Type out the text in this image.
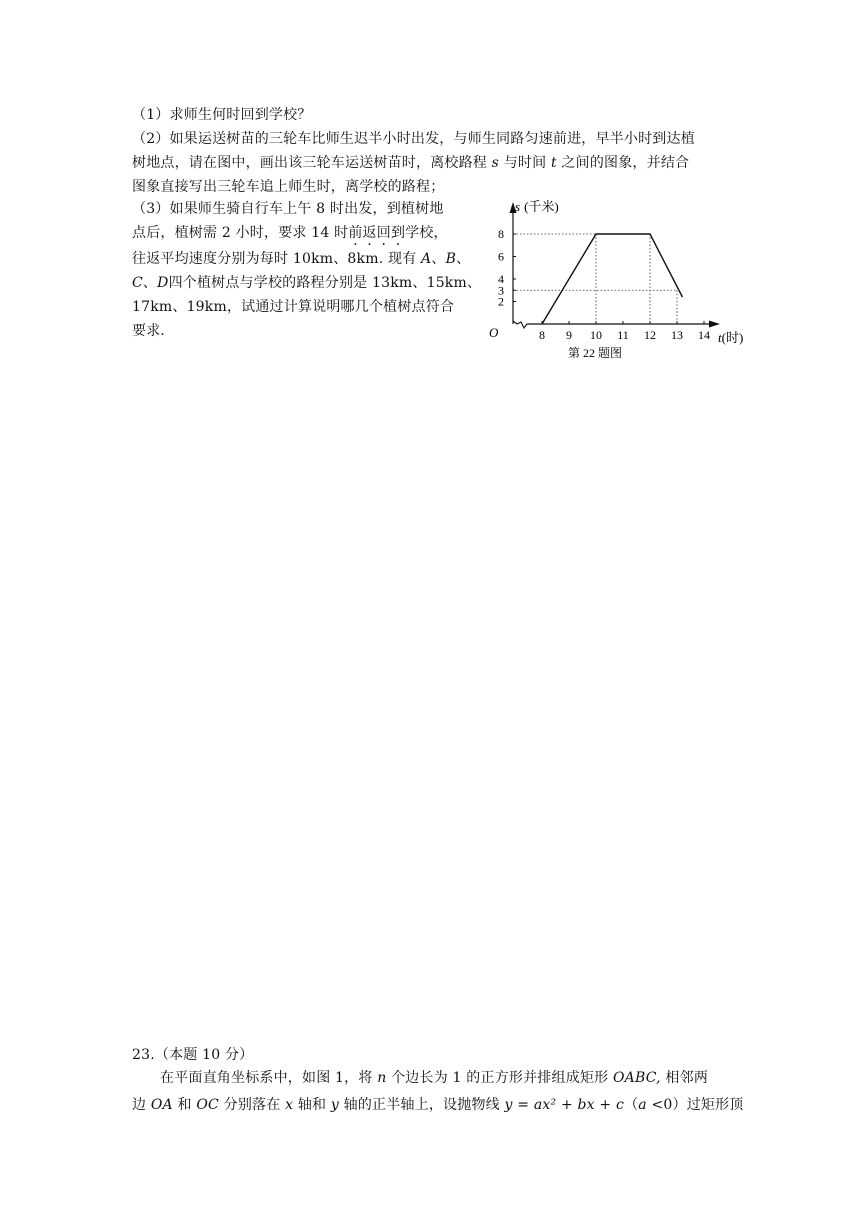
（1）求师生何时回到学校？
（2）如果运送树苗的三轮车比师生迟半小时出发，与师生同路匀速前进，早半小时到达植
树地点，请在图中，画出该三轮车运送树苗时，离校路程 s 与时间 t 之间的图象，并结合
图象直接写出三轮车追上师生时，离学校的路程；
（3）如果师生骑自行车上午 8 时出发，到植树地
点后，植树需 2 小时，要求 14 时前返回到学校，
往返平均速度分别为每时 10km、8km. 现有 A、B、
C、D四个植树点与学校的路程分别是 13km、15km、
17km、19km，试通过计算说明哪几个植树点符合
要求.	8 9 10 11 12 13 14
2
3
4
6
8
s (千米)
t(时)
O
第 22 题图
23.（本题 10 分）
在平面直角坐标系中，如图 1，将 n 个边长为 1 的正方形并排组成矩形 OABC, 相邻两
边 OA 和 OC 分别落在 x 轴和 y 轴的正半轴上，设抛物线 y = ax² + bx + c（a <0）过矩形顶
